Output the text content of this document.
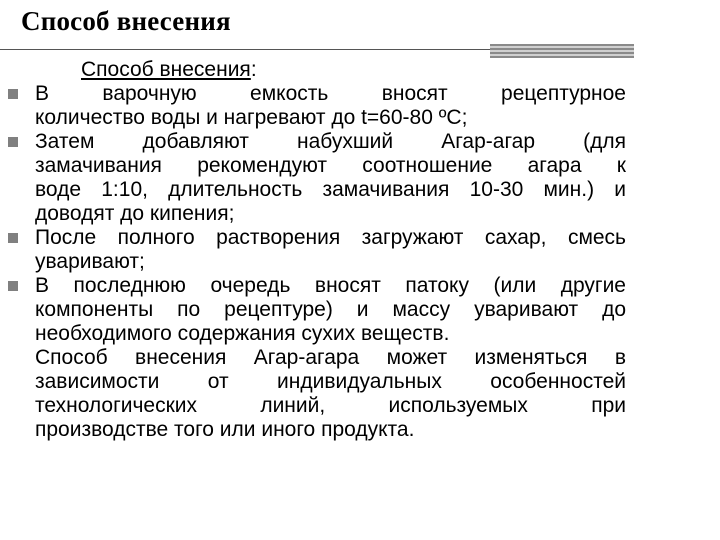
Способ внесения
Способ внесения:
В варочную емкость вносят рецептурное
количество воды и нагревают до t=60-80 ºC;
Затем добавляют набухший Агар-агар (для
замачивания рекомендуют соотношение агара к
воде 1:10, длительность замачивания 10-30 мин.) и
доводят до кипения;
После полного растворения загружают сахар, смесь
уваривают;
В последнюю очередь вносят патоку (или другие
компоненты по рецептуре) и массу уваривают до
необходимого содержания сухих веществ.
Способ внесения Агар-агара может изменяться в
зависимости от индивидуальных особенностей
технологических линий, используемых при
производстве того или иного продукта.
